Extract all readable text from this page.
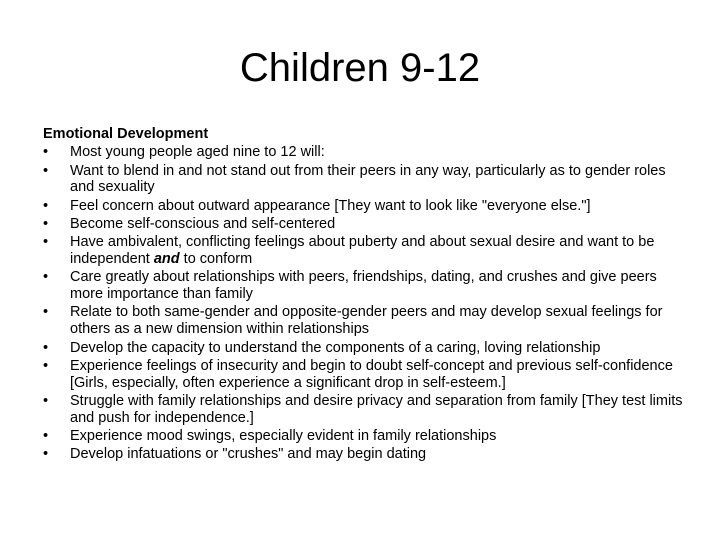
Children 9-12
Emotional Development
•	Most young people aged nine to 12 will:
•	Want to blend in and not stand out from their peers in any way, particularly as to gender roles and sexuality
•	Feel concern about outward appearance [They want to look like "everyone else."]
•	Become self-conscious and self-centered
•	Have ambivalent, conflicting feelings about puberty and about sexual desire and want to be independent and to conform
•	Care greatly about relationships with peers, friendships, dating, and crushes and give peers more importance than family
•	Relate to both same-gender and opposite-gender peers and may develop sexual feelings for others as a new dimension within relationships
•	Develop the capacity to understand the components of a caring, loving relationship
•	Experience feelings of insecurity and begin to doubt self-concept and previous self-confidence [Girls, especially, often experience a significant drop in self-esteem.]
•	Struggle with family relationships and desire privacy and separation from family [They test limits and push for independence.]
•	Experience mood swings, especially evident in family relationships
•	Develop infatuations or "crushes" and may begin dating
